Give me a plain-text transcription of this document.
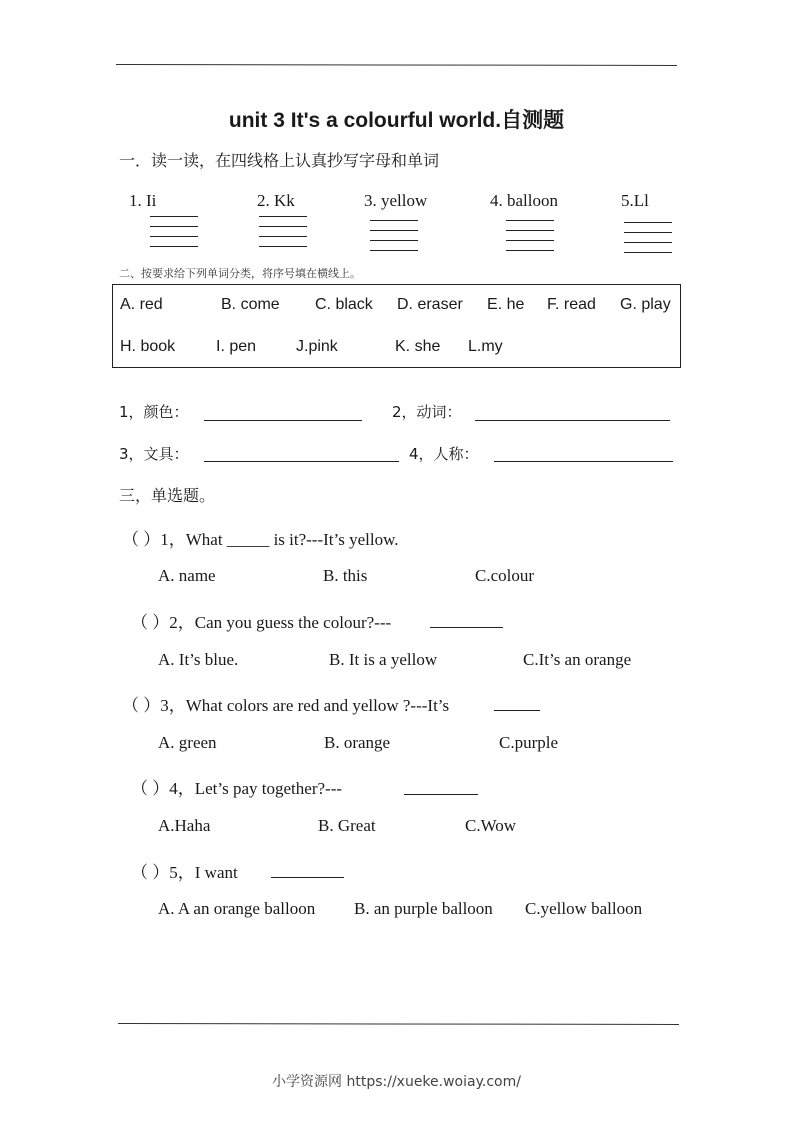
unit 3 It's a colourful world.自测题
一．读一读，在四线格上认真抄写字母和单词
1. Ii	2. Kk	3. yellow	4. balloon	5.Ll
二、按要求给下列单词分类，将序号填在横线上。
A. red	B. come C. black D. eraser E. he F. read G. play
H. book	I. pen J.pink	K. she L.my
1，颜色：	2，动词：
3，文具：	4，人称：
三，单选题。
（ ）1，What _____ is it?---It’s yellow.
A. name	B. this	C.colour
（ ）2，Can you guess the colour?---
A. It’s blue.	B. It is a yellow	C.It’s an orange
（ ）3，What colors are red and yellow ?---It’s
A. green	B. orange	C.purple
（ ）4，Let’s pay together?---
A.Haha	B. Great	C.Wow
（ ）5，I want
A. A an orange balloon B. an purple balloon C.yellow balloon
小学资源网 https://xueke.woiay.com/
